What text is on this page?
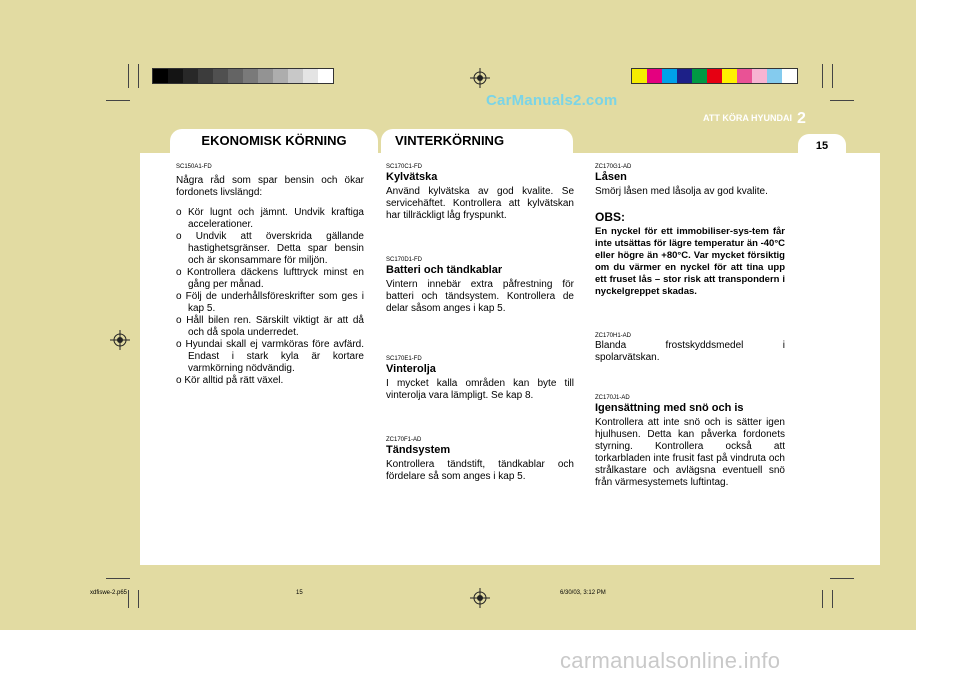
CarManuals2.com
ATT KÖRA HYUNDAI 2
15
EKONOMISK KÖRNING	VINTERKÖRNING
SC150A1-FD

Några råd som spar bensin och ökar fordonets livslängd:

o Kör lugnt och jämnt. Undvik kraftiga accelerationer.
o Undvik att överskrida gällande hastighetsgränser. Detta spar bensin och är skonsammare för miljön.
o Kontrollera däckens lufttryck minst en gång per månad.
o Följ de underhållsföreskrifter som ges i kap 5.
o Håll bilen ren. Särskilt viktigt är att då och då spola underredet.
o Hyundai skall ej varmköras före avfärd. Endast i stark kyla är kortare varmkörning nödvändig.
o Kör alltid på rätt växel.
SC170C1-FD
Kylvätska

Använd kylvätska av god kvalite. Se servicehäftet. Kontrollera att kylvätskan har tillräckligt låg fryspunkt.

SC170D1-FD
Batteri och tändkablar

Vintern innebär extra påfrestning för batteri och tändsystem. Kontrollera de delar såsom anges i kap 5.

SC170E1-FD
Vinterolja

I mycket kalla områden kan byte till vinterolja vara lämpligt. Se kap 8.

ZC170F1-AD
Tändsystem

Kontrollera tändstift, tändkablar och fördelare så som anges i kap 5.

ZC170G1-AD
Låsen

Smörj låsen med låsolja av god kvalite.

OBS:
En nyckel för ett immobiliser-sys-tem får inte utsättas för lägre temperatur än -40°C eller högre än +80°C. Var mycket försiktig om du värmer en nyckel för att tina upp ett fruset lås – stor risk att transpondern i nyckelgreppet skadas.
ZC170H1-AD

Blanda frostskyddsmedel i

spolarvätskan.

ZC170J1-AD
Igensättning med snö och is

Kontrollera att inte snö och is sätter igen hjulhusen. Detta kan påverka fordonets styrning. Kontrollera också att torkarbladen inte frusit fast på vindruta och strålkastare och avlägsna eventuell snö från värmesystemets luftintag.

xdfiswe-2.p65	15	6/30/03, 3:12 PM
carmanualsonline.info
